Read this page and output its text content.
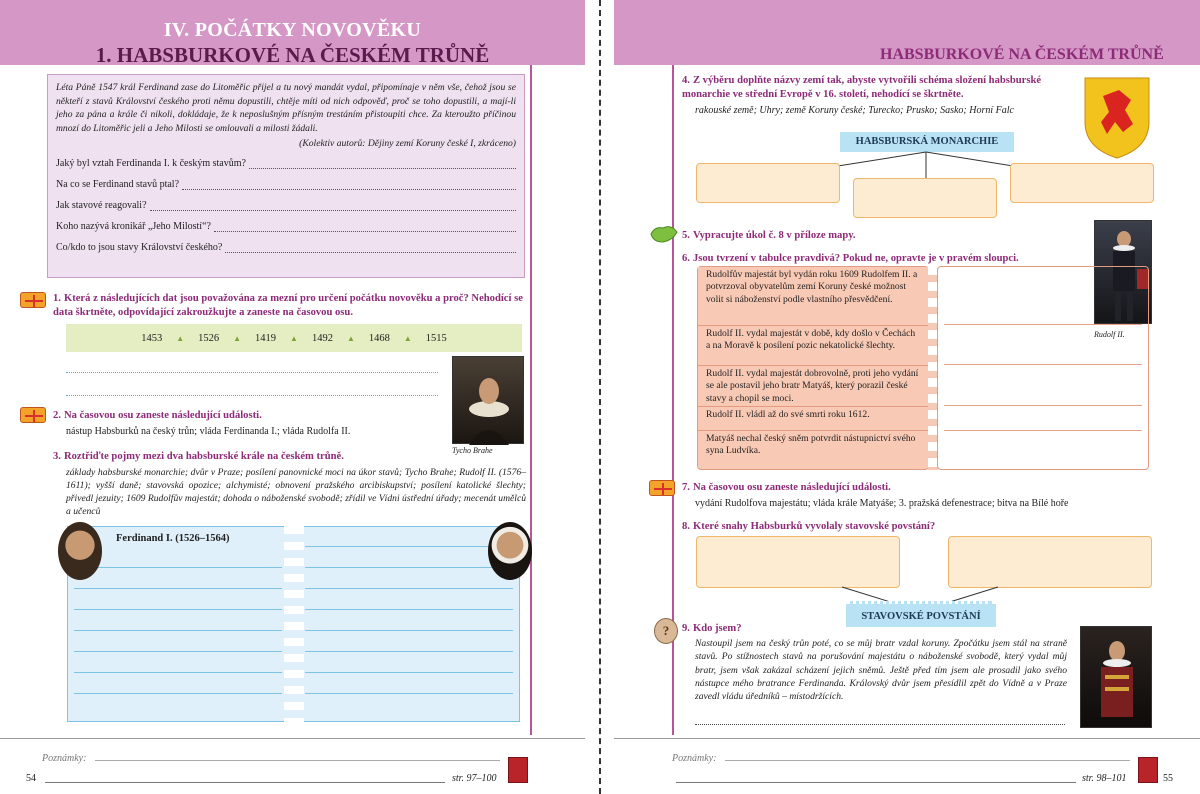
IV. POČÁTKY NOVOVĚKU
1. HABSBURKOVÉ NA ČESKÉM TRŮNĚ
Léta Páně 1547 král Ferdinand zase do Litoměřic přijel a tu nový mandát vydal, připomínaje v něm vše, čehož jsou se někteří z stavů Království českého proti němu dopustili, chtěje míti od nich odpověď, proč se toho dopustili, a mají-li jeho za pána a krále či nikoli, dokládaje, že k neposlušným přísným trestáním přistoupiti chce. Za kteroužto příčinou mnozí do Litoměřic jeli a Jeho Milosti se omlouvali a milosti žádali.
(Kolektiv autorů: Dějiny zemí Koruny české I, zkráceno)
Jaký byl vztah Ferdinanda I. k českým stavům?
Na co se Ferdinand stavů ptal?
Jak stavové reagovali?
Koho nazývá kronikář „Jeho Milostí“?
Co/kdo to jsou stavy Království českého?
1. Která z následujících dat jsou považována za mezní pro určení počátku novověku a proč? Nehodící se data škrtněte, odpovídající zakroužkujte a zaneste na časovou osu.
1453 ▲ 1526 ▲ 1419 ▲ 1492 ▲ 1468 ▲ 1515
Tycho Brahe
2. Na časovou osu zaneste následující události.
nástup Habsburků na český trůn; vláda Ferdinanda I.; vláda Rudolfa II.
3. Roztřiďte pojmy mezi dva habsburské krále na českém trůně.
základy habsburské monarchie; dvůr v Praze; posílení panovnické moci na úkor stavů; Tycho Brahe; Rudolf II. (1576–1611); vyšší daně; stavovská opozice; alchymisté; obnovení pražského arcibiskupství; posílení katolické šlechty; přivedl jezuity; 1609 Rudolfův majestát; dohoda o náboženské svobodě; zřídil ve Vídni ústřední úřady; mecenát umělců a učenců
Ferdinand I. (1526–1564)
Poznámky:
54	str. 97–100
HABSBURKOVÉ NA ČESKÉM TRŮNĚ
4. Z výběru doplňte názvy zemí tak, abyste vytvořili schéma složení habsburské monarchie ve střední Evropě v 16. století, nehodící se škrtněte.
rakouské země; Uhry; země Koruny české; Turecko; Prusko; Sasko; Horní Falc
HABSBURSKÁ MONARCHIE
5. Vypracujte úkol č. 8 v příloze mapy.
6. Jsou tvrzení v tabulce pravdivá? Pokud ne, opravte je v pravém sloupci.
Rudolf II.
Rudolfův majestát byl vydán roku 1609 Rudolfem II. a potvrzoval obyvatelům zemí Koruny české možnost volit si náboženství podle vlastního přesvědčení.
Rudolf II. vydal majestát v době, kdy došlo v Čechách a na Moravě k posílení pozic nekatolické šlechty.
Rudolf II. vydal majestát dobrovolně, proti jeho vydání se ale postavil jeho bratr Matyáš, který porazil české stavy a chopil se moci.
Rudolf II. vládl až do své smrti roku 1612.
Matyáš nechal český sněm potvrdit nástupnictví svého syna Ludvíka.
7. Na časovou osu zaneste následující události.
vydání Rudolfova majestátu; vláda krále Matyáše; 3. pražská defenestrace; bitva na Bílé hoře
8. Které snahy Habsburků vyvolaly stavovské povstání?
STAVOVSKÉ POVSTÁNÍ
?	9. Kdo jsem?
Nastoupil jsem na český trůn poté, co se můj bratr vzdal koruny. Zpočátku jsem stál na straně stavů. Po stížnostech stavů na porušování majestátu o náboženské svobodě, který vydal můj bratr, jsem však zakázal scházení jejich sněmů. Ještě před tím jsem ale prosadil jako svého nástupce mého bratrance Ferdinanda. Královský dvůr jsem přesídlil zpět do Vídně a v Praze zavedl vládu úředníků – místodržících.
Poznámky:
str. 98–101	55
